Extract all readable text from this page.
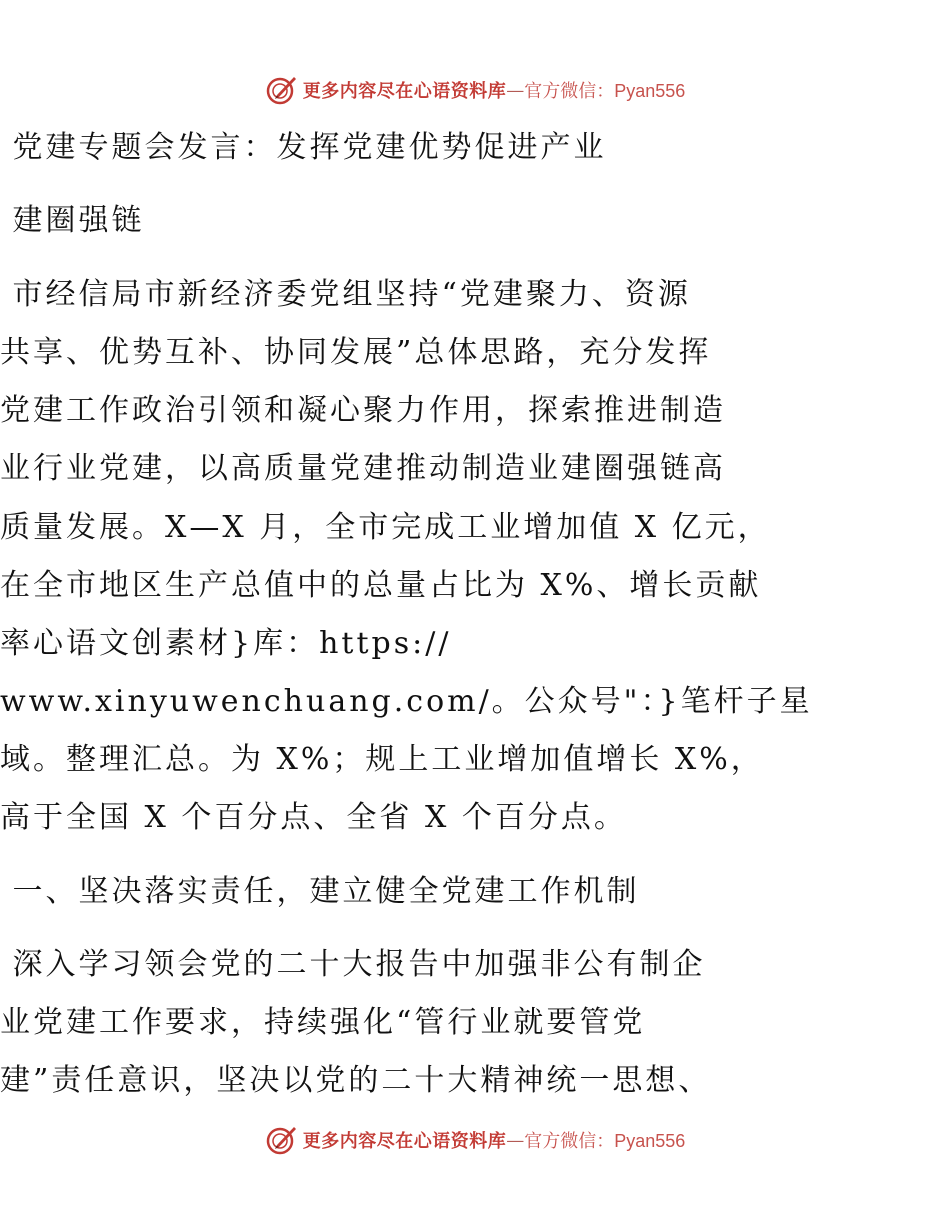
更多内容尽在心语资料库 — 官方微信：Pyan556

党建专题会发言：发挥党建优势促进产业

建圈强链

市经信局市新经济委党组坚持“党建聚力、资源

共享、优势互补、协同发展”总体思路，充分发挥

党建工作政治引领和凝心聚力作用，探索推进制造

业行业党建，以高质量党建推动制造业建圈强链高

质量发展。X—X 月，全市完成工业增加值 X 亿元，

在全市地区生产总值中的总量占比为 X%、增长贡献

率心语文创素材}库：https://

www.xinyuwenchuang.com/。公众号"：}笔杆子星

域。整理汇总。为 X%；规上工业增加值增长 X%，

高于全国 X 个百分点、全省 X 个百分点。

一、坚决落实责任，建立健全党建工作机制

深入学习领会党的二十大报告中加强非公有制企

业党建工作要求，持续强化“管行业就要管党

建”责任意识，坚决以党的二十大精神统一思想、

更多内容尽在心语资料库 — 官方微信：Pyan556
